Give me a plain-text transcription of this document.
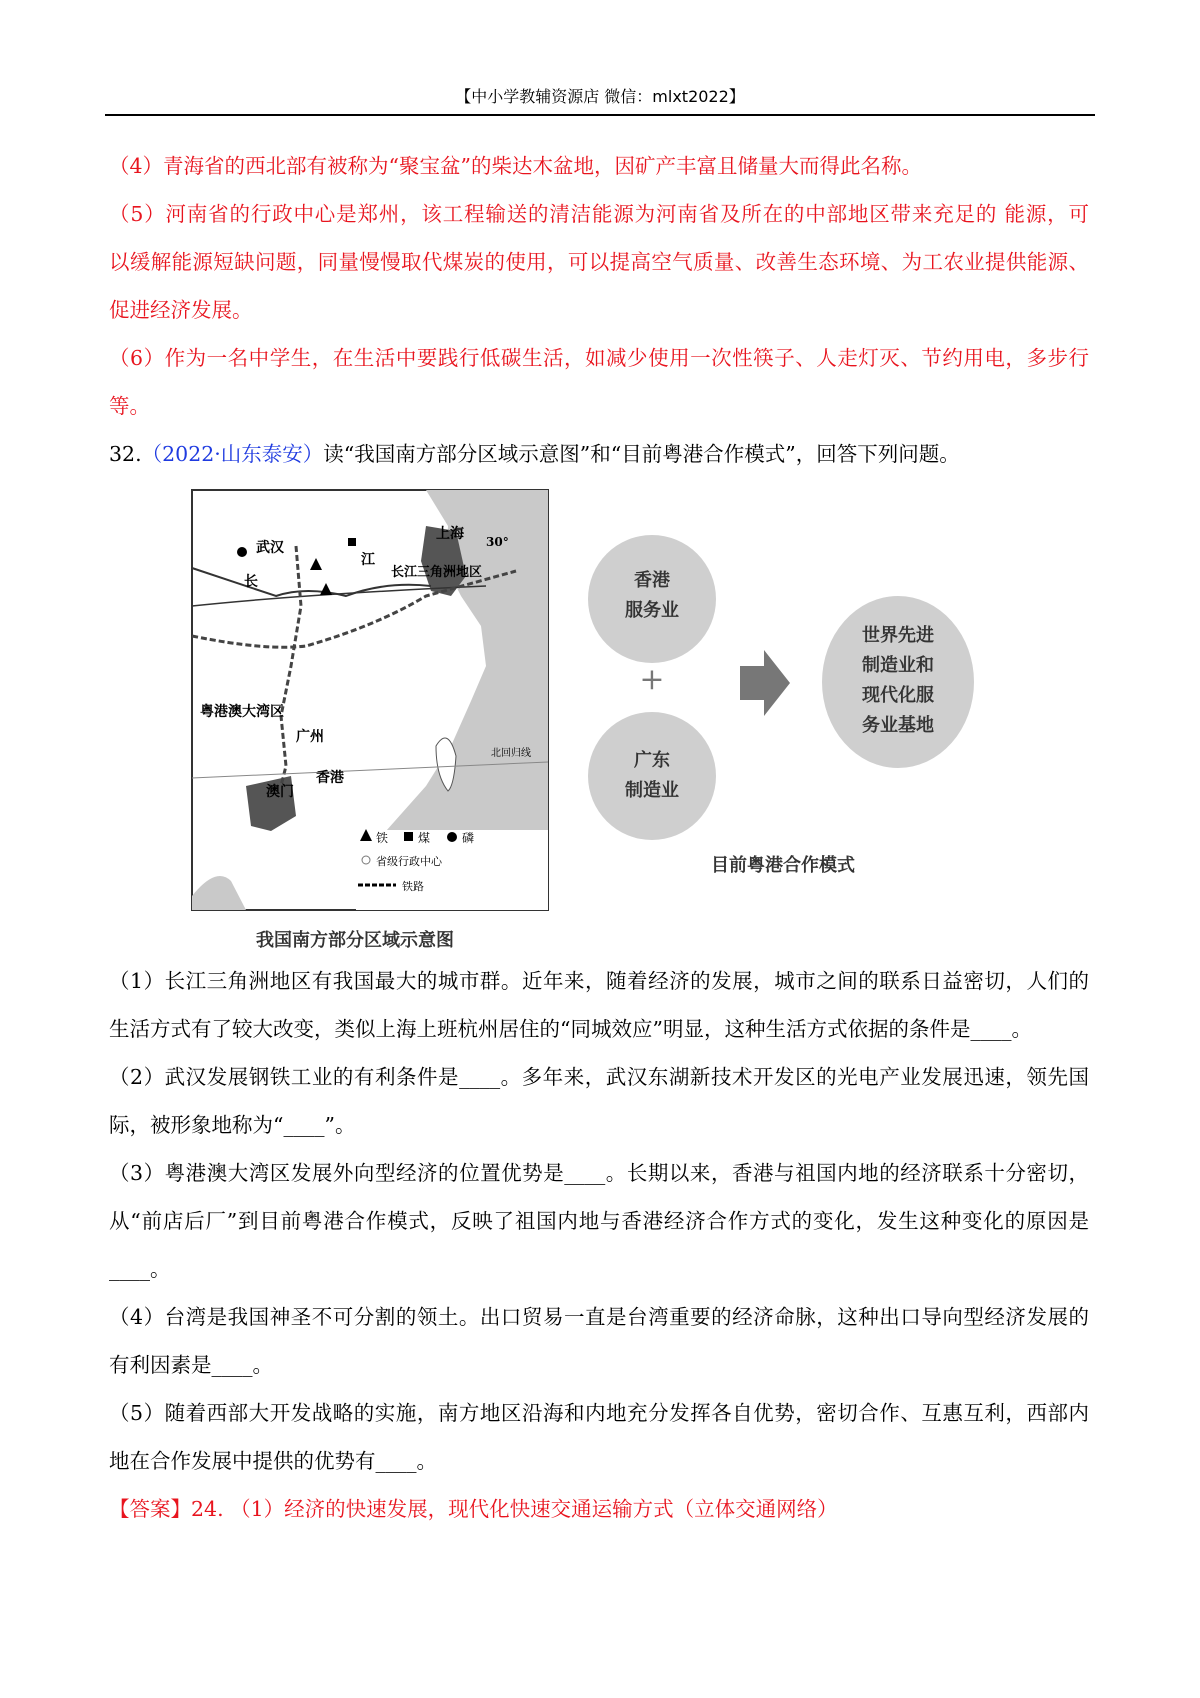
【中小学教辅资源店 微信：mlxt2022】
（4）青海省的西北部有被称为“聚宝盆”的柴达木盆地，因矿产丰富且储量大而得此名称。
（5）河南省的行政中心是郑州，该工程输送的清洁能源为河南省及所在的中部地区带来充足的 能源，可
以缓解能源短缺问题，同量慢慢取代煤炭的使用，可以提高空气质量、改善生态环境、为工农业提供能源、
促进经济发展。
（6）作为一名中学生，在生活中要践行低碳生活，如减少使用一次性筷子、人走灯灭、节约用电，多步行
等。
32.（2022·山东泰安）读“我国南方部分区域示意图”和“目前粤港合作模式”，回答下列问题。
武汉
上海
江
长
长江三角洲地区
30°
粤港澳大湾区
广州
香港
澳门
北回归线
铁 煤	磷
省级行政中心
铁路
我国南方部分区域示意图
香港
服务业
+
广东
制造业
世界先进
制造业和
现代化服
务业基地
目前粤港合作模式
（1）长江三角洲地区有我国最大的城市群。近年来，随着经济的发展，城市之间的联系日益密切，人们的
生活方式有了较大改变，类似上海上班杭州居住的“同城效应”明显，这种生活方式依据的条件是____。
（2）武汉发展钢铁工业的有利条件是____。多年来，武汉东湖新技术开发区的光电产业发展迅速，领先国
际，被形象地称为“____”。
（3）粤港澳大湾区发展外向型经济的位置优势是____。长期以来，香港与祖国内地的经济联系十分密切，
从“前店后厂”到目前粤港合作模式，反映了祖国内地与香港经济合作方式的变化，发生这种变化的原因是
____。
（4）台湾是我国神圣不可分割的领土。出口贸易一直是台湾重要的经济命脉，这种出口导向型经济发展的
有利因素是____。
（5）随着西部大开发战略的实施，南方地区沿海和内地充分发挥各自优势，密切合作、互惠互利，西部内
地在合作发展中提供的优势有____。
【答案】24. （1）经济的快速发展，现代化快速交通运输方式（立体交通网络）
